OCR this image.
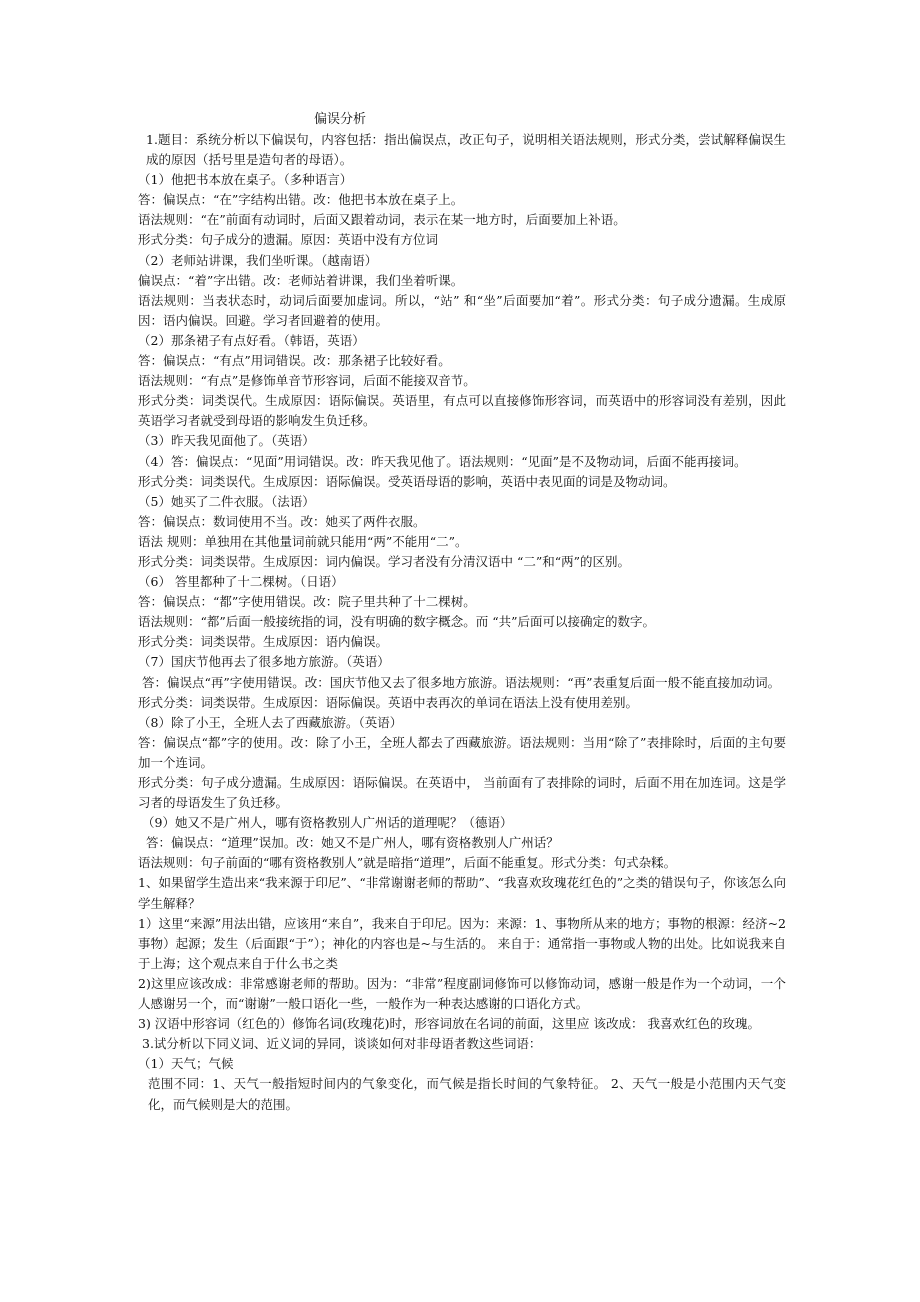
偏误分析

1.题目：系统分析以下偏误句，内容包括：指出偏误点，改正句子，说明相关语法规则，形式分类，尝试解释偏误生成的原因（括号里是造句者的母语）。

（1）他把书本放在桌子。（多种语言）

答：偏误点：“在”字结构出错。改：他把书本放在桌子上。

语法规则：“在”前面有动词时，后面又跟着动词，表示在某一地方时，后面要加上补语。

形式分类：句子成分的遗漏。原因：英语中没有方位词

（2）老师站讲课，我们坐听课。（越南语）

偏误点：“着”字出错。改：老师站着讲课，我们坐着听课。

语法规则：当表状态时，动词后面要加虚词。所以，“站” 和“坐”后面要加“着”。形式分类：句子成分遗漏。生成原因：语内偏误。回避。学习者回避着的使用。

（2）那条裙子有点好看。（韩语，英语）

答：偏误点：“有点”用词错误。改：那条裙子比较好看。

语法规则：“有点”是修饰单音节形容词，后面不能接双音节。

形式分类：词类误代。生成原因：语际偏误。英语里，有点可以直接修饰形容词，而英语中的形容词没有差别，因此英语学习者就受到母语的影响发生负迁移。

（3）昨天我见面他了。（英语）

（4）答：偏误点：“见面”用词错误。改：昨天我见他了。语法规则：“见面”是不及物动词，后面不能再接词。

形式分类：词类误代。生成原因：语际偏误。受英语母语的影响，英语中表见面的词是及物动词。

（5）她买了二件衣服。（法语）

答：偏误点：数词使用不当。改：她买了两件衣服。

语法 规则：单独用在其他量词前就只能用“两”不能用“二”。

形式分类：词类误带。生成原因：词内偏误。学习者没有分清汉语中 “二”和“两”的区别。

（6） 答里都种了十二棵树。（日语）

答：偏误点：“都”字使用错误。改：院子里共种了十二棵树。

语法规则：“都”后面一般接统指的词，没有明确的数字概念。而 “共”后面可以接确定的数字。

形式分类：词类误带。生成原因：语内偏误。

（7）国庆节他再去了很多地方旅游。（英语）

答：偏误点“再”字使用错误。改：国庆节他又去了很多地方旅游。语法规则：“再”表重复后面一般不能直接加动词。

形式分类：词类误带。生成原因：语际偏误。英语中表再次的单词在语法上没有使用差别。

（8）除了小王，全班人去了西藏旅游。（英语）

答：偏误点“都”字的使用。改：除了小王，全班人都去了西藏旅游。语法规则：当用“除了”表排除时，后面的主句要加一个连词。

形式分类：句子成分遗漏。生成原因：语际偏误。在英语中， 当前面有了表排除的词时，后面不用在加连词。这是学习者的母语发生了负迁移。

（9）她又不是广州人，哪有资格教别人广州话的道理呢？（德语）

答：偏误点：“道理”误加。改：她又不是广州人，哪有资格教别人广州话？

语法规则：句子前面的“哪有资格教别人”就是暗指“道理”，后面不能重复。形式分类：句式杂糅。

1、如果留学生造出来“我来源于印尼”、“非常谢谢老师的帮助”、“我喜欢玫瑰花红色的”之类的错误句子，你该怎么向学生解释？

1）这里“来源”用法出错，应该用“来自”，我来自于印尼。因为：来源：1、事物所从来的地方；事物的根源：经济~2 事物）起源；发生（后面跟“于”）；神化的内容也是~与生活的。 来自于：通常指一事物或人物的出处。比如说我来自于上海；这个观点来自于什么书之类

2)这里应该改成：非常感谢老师的帮助。因为：“非常”程度副词修饰可以修饰动词，感谢一般是作为一个动词，一个人感谢另一个，而“谢谢”一般口语化一些，一般作为一种表达感谢的口语化方式。

3) 汉语中形容词（红色的）修饰名词(玫瑰花)时，形容词放在名词的前面，这里应 该改成： 我喜欢红色的玫瑰。

3.试分析以下同义词、近义词的异同，谈谈如何对非母语者教这些词语：

（1）天气；气候

范围不同：1、天气一般指短时间内的气象变化，而气候是指长时间的气象特征。 2、天气一般是小范围内天气变化，而气候则是大的范围。
